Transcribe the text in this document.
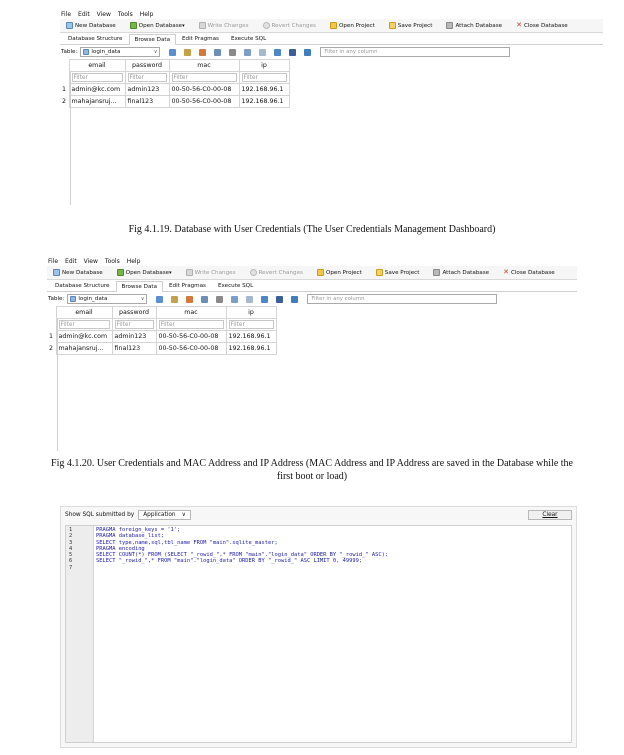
File Edit View Tools Help
New Database	Open Database ▾	Write Changes	Revert Changes	Open Project	Save Project	Attach Database ✕ Close Database
Database Structure	Browse Data	Edit Pragmas	Execute SQL
Table:	login_data	∨	Filter in any column
	email	password	mac	ip

Filter	Filter	Filter	Filter

1	admin@kc.com	admin123	00-50-56-C0-00-08	192.168.96.1
2	mahajansruj...	final123	00-50-56-C0-00-08	192.168.96.1
Fig 4.1.19. Database with User Credentials (The User Credentials Management Dashboard)
File Edit View Tools Help
New Database	Open Database ▾	Write Changes	Revert Changes	Open Project	Save Project	Attach Database ✕ Close Database
Database Structure	Browse Data	Edit Pragmas	Execute SQL
Table:	login_data	∨	Filter in any column
	email	password	mac	ip

Filter	Filter	Filter	Filter

1	admin@kc.com	admin123	00-50-56-C0-00-08	192.168.96.1
2	mahajansruj...	final123	00-50-56-C0-00-08	192.168.96.1
Fig 4.1.20. User Credentials and MAC Address and IP Address (MAC Address and IP Address are saved in the Database while the
first boot or load)
Show SQL submitted by Application ∨	Clear
1
2
3
4
5
6
7
PRAGMA foreign_keys = '1';
PRAGMA database_list;
SELECT type,name,sql,tbl_name FROM "main".sqlite_master;
PRAGMA encoding
SELECT COUNT(*) FROM (SELECT "_rowid_",* FROM "main"."login_data" ORDER BY "_rowid_" ASC);
SELECT "_rowid_",* FROM "main"."login_data" ORDER BY "_rowid_" ASC LIMIT 0, 49999;
